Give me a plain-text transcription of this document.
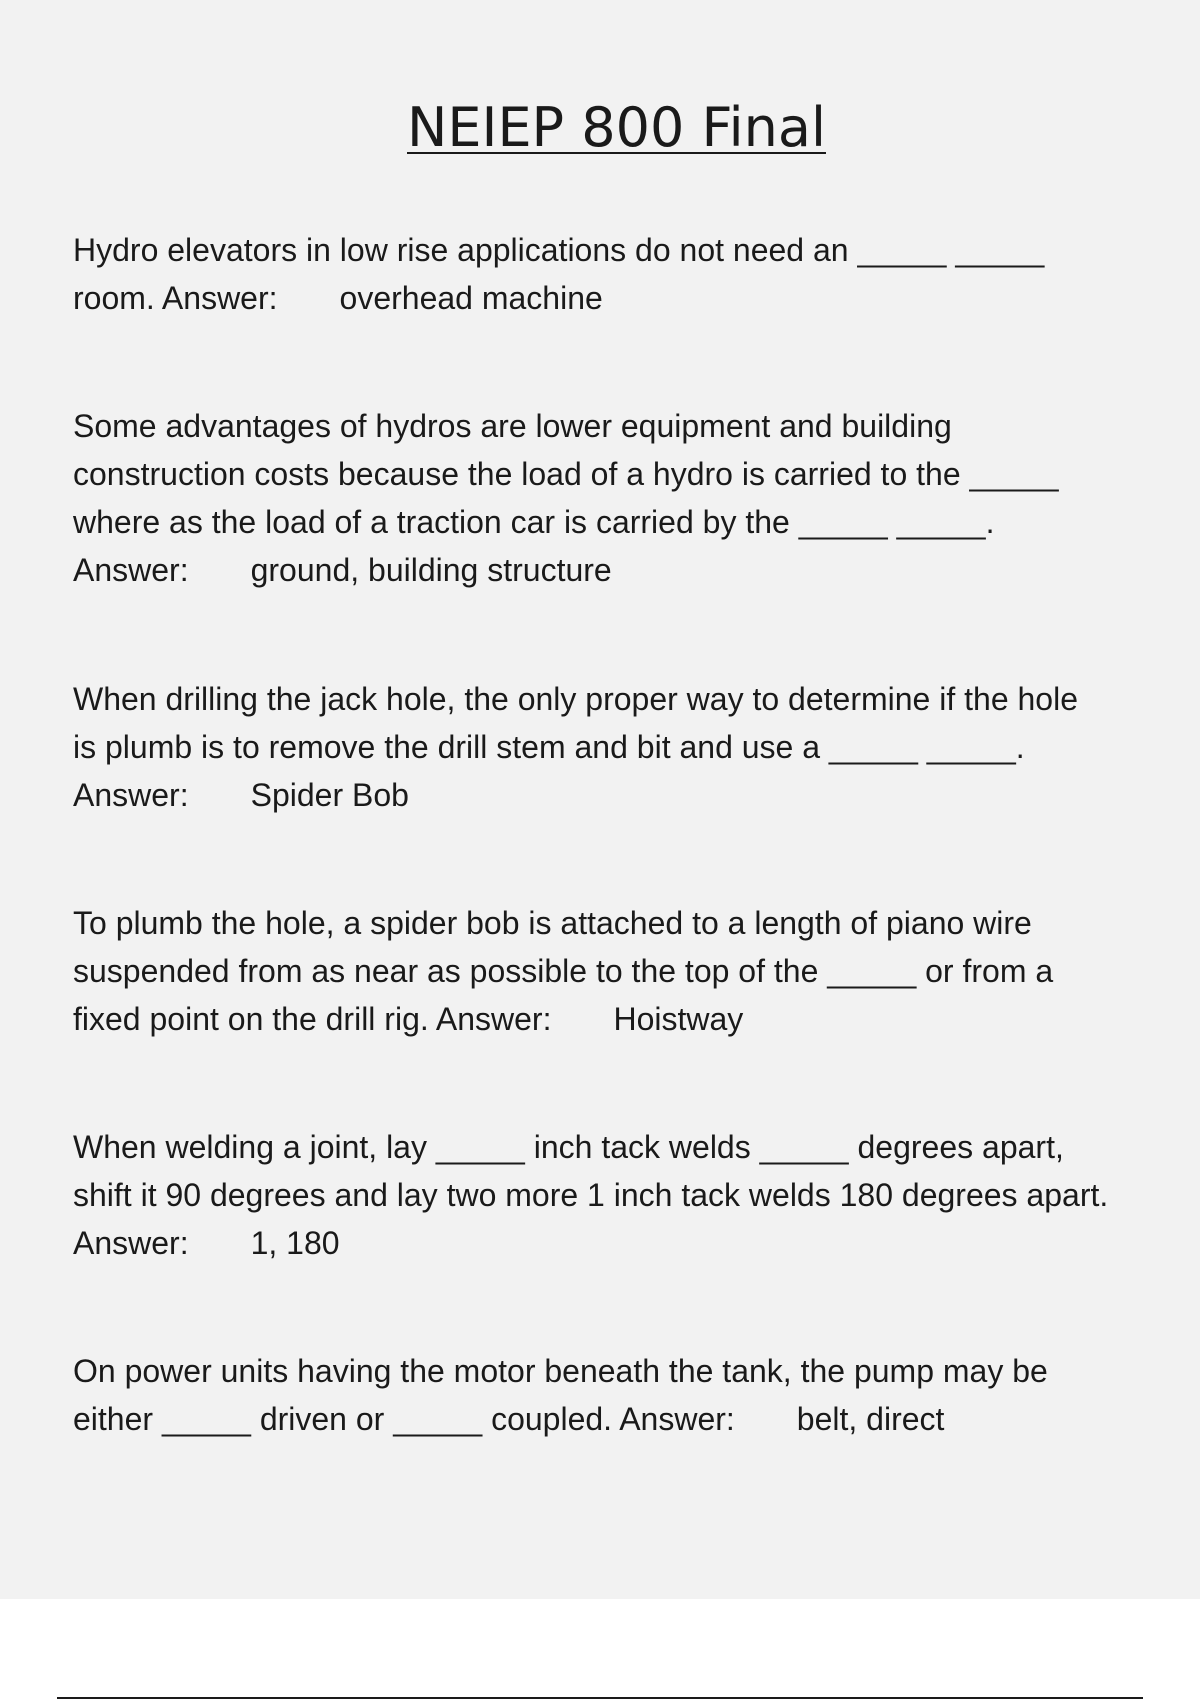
NEIEP 800 Final
Hydro elevators in low rise applications do not need an _____ _____
room. Answer: overhead machine
Some advantages of hydros are lower equipment and building
construction costs because the load of a hydro is carried to the _____
where as the load of a traction car is carried by the _____ _____.
Answer: ground, building structure
When drilling the jack hole, the only proper way to determine if the hole
is plumb is to remove the drill stem and bit and use a _____ _____.
Answer: Spider Bob
To plumb the hole, a spider bob is attached to a length of piano wire
suspended from as near as possible to the top of the _____ or from a
fixed point on the drill rig. Answer: Hoistway
When welding a joint, lay _____ inch tack welds _____ degrees apart,
shift it 90 degrees and lay two more 1 inch tack welds 180 degrees apart.
Answer: 1, 180
On power units having the motor beneath the tank, the pump may be
either _____ driven or _____ coupled. Answer: belt, direct
